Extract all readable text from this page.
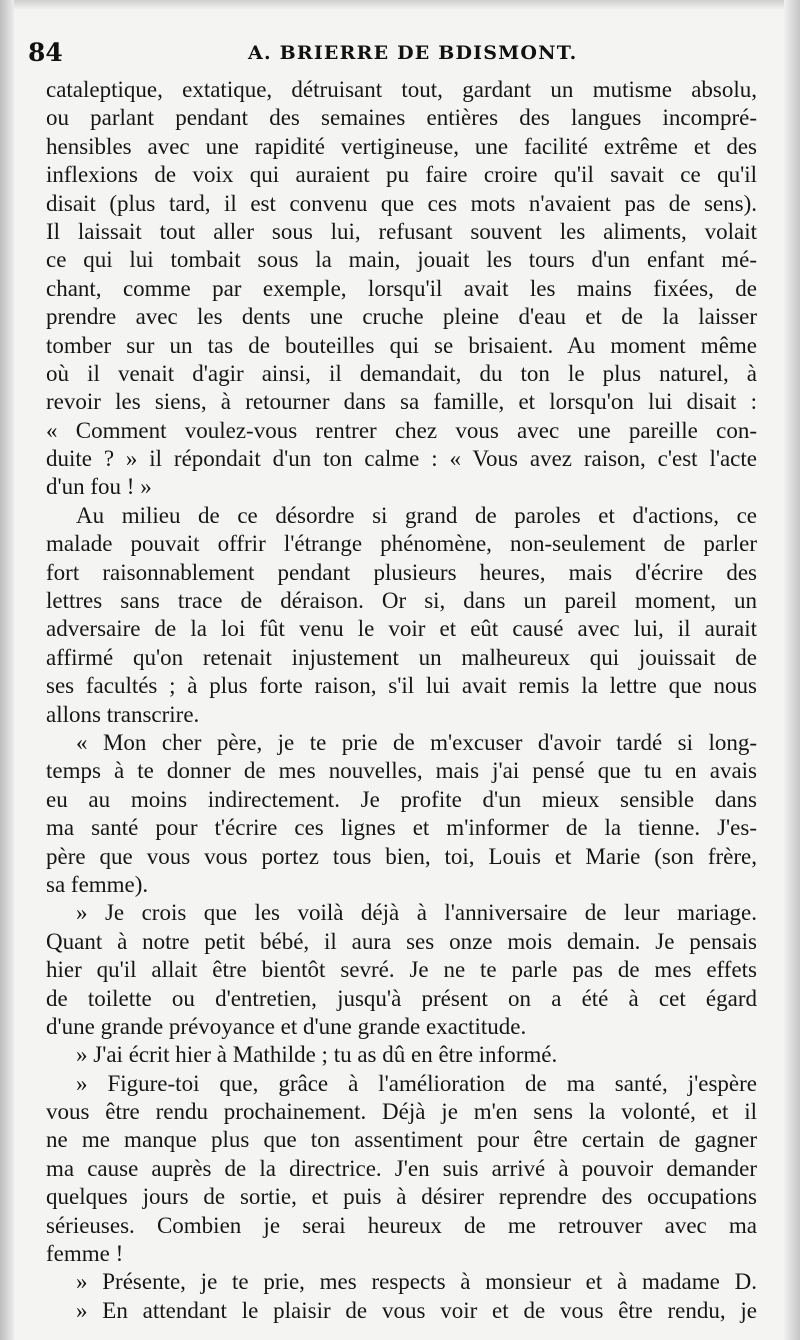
84	A. BRIERRE DE BDISMONT.
cataleptique, extatique, détruisant tout, gardant un mutisme absolu,
ou parlant pendant des semaines entières des langues incompré-
hensibles avec une rapidité vertigineuse, une facilité extrême et des
inflexions de voix qui auraient pu faire croire qu'il savait ce qu'il
disait (plus tard, il est convenu que ces mots n'avaient pas de sens).
Il laissait tout aller sous lui, refusant souvent les aliments, volait
ce qui lui tombait sous la main, jouait les tours d'un enfant mé-
chant, comme par exemple, lorsqu'il avait les mains fixées, de
prendre avec les dents une cruche pleine d'eau et de la laisser
tomber sur un tas de bouteilles qui se brisaient. Au moment même
où il venait d'agir ainsi, il demandait, du ton le plus naturel, à
revoir les siens, à retourner dans sa famille, et lorsqu'on lui disait :
« Comment voulez-vous rentrer chez vous avec une pareille con-
duite ? » il répondait d'un ton calme : « Vous avez raison, c'est l'acte
d'un fou ! »
Au milieu de ce désordre si grand de paroles et d'actions, ce
malade pouvait offrir l'étrange phénomène, non-seulement de parler
fort raisonnablement pendant plusieurs heures, mais d'écrire des
lettres sans trace de déraison. Or si, dans un pareil moment, un
adversaire de la loi fût venu le voir et eût causé avec lui, il aurait
affirmé qu'on retenait injustement un malheureux qui jouissait de
ses facultés ; à plus forte raison, s'il lui avait remis la lettre que nous
allons transcrire.
« Mon cher père, je te prie de m'excuser d'avoir tardé si long-
temps à te donner de mes nouvelles, mais j'ai pensé que tu en avais
eu au moins indirectement. Je profite d'un mieux sensible dans
ma santé pour t'écrire ces lignes et m'informer de la tienne. J'es-
père que vous vous portez tous bien, toi, Louis et Marie (son frère,
sa femme).
» Je crois que les voilà déjà à l'anniversaire de leur mariage.
Quant à notre petit bébé, il aura ses onze mois demain. Je pensais
hier qu'il allait être bientôt sevré. Je ne te parle pas de mes effets
de toilette ou d'entretien, jusqu'à présent on a été à cet égard
d'une grande prévoyance et d'une grande exactitude.
» J'ai écrit hier à Mathilde ; tu as dû en être informé.
» Figure-toi que, grâce à l'amélioration de ma santé, j'espère
vous être rendu prochainement. Déjà je m'en sens la volonté, et il
ne me manque plus que ton assentiment pour être certain de gagner
ma cause auprès de la directrice. J'en suis arrivé à pouvoir demander
quelques jours de sortie, et puis à désirer reprendre des occupations
sérieuses. Combien je serai heureux de me retrouver avec ma
femme !
» Présente, je te prie, mes respects à monsieur et à madame D.
» En attendant le plaisir de vous voir et de vous être rendu, je
